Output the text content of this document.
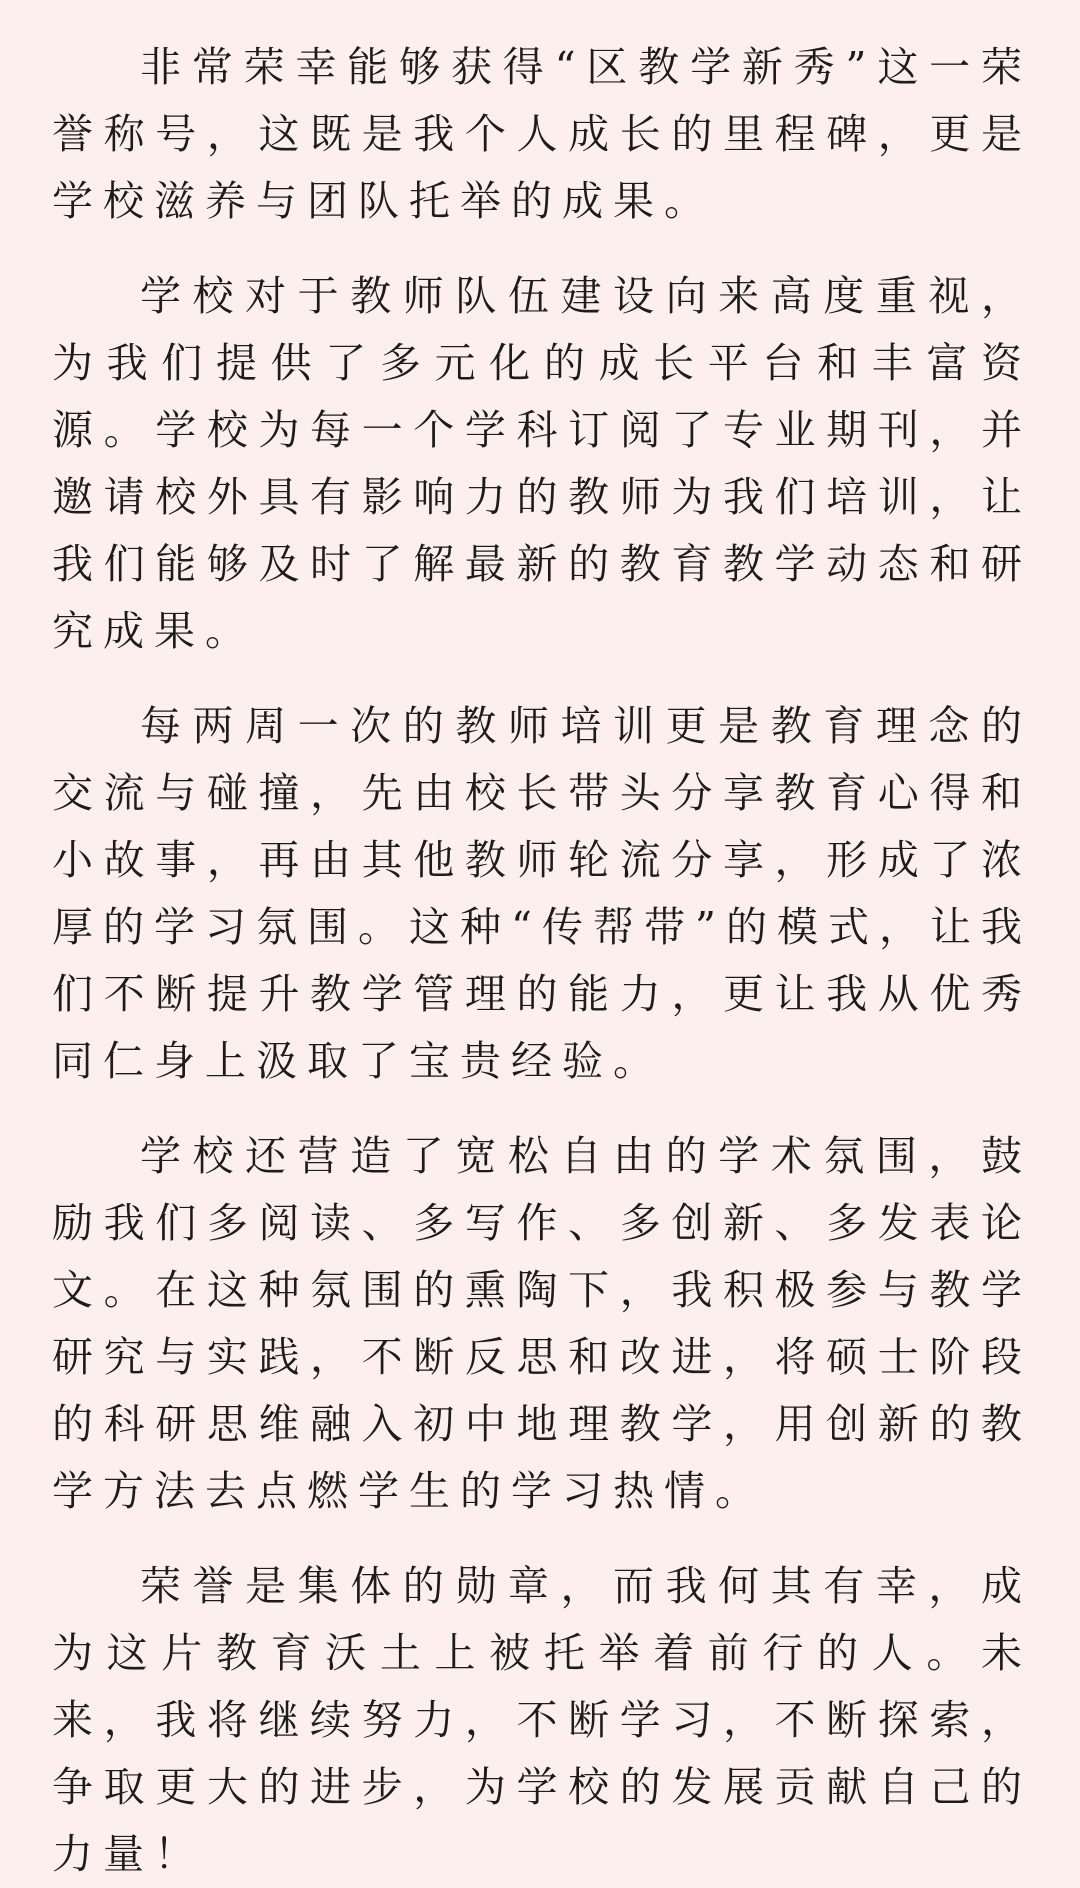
非常荣幸能够获得“区教学新秀”这一荣誉称号，这既是我个人成长的里程碑，更是学校滋养与团队托举的成果。

学校对于教师队伍建设向来高度重视，为我们提供了多元化的成长平台和丰富资源。学校为每一个学科订阅了专业期刊，并邀请校外具有影响力的教师为我们培训，让我们能够及时了解最新的教育教学动态和研究成果。

每两周一次的教师培训更是教育理念的交流与碰撞，先由校长带头分享教育心得和小故事，再由其他教师轮流分享，形成了浓厚的学习氛围。这种“传帮带”的模式，让我们不断提升教学管理的能力，更让我从优秀同仁身上汲取了宝贵经验。

学校还营造了宽松自由的学术氛围，鼓励我们多阅读、多写作、多创新、多发表论文。在这种氛围的熏陶下，我积极参与教学研究与实践，不断反思和改进，将硕士阶段的科研思维融入初中地理教学，用创新的教学方法去点燃学生的学习热情。

荣誉是集体的勋章，而我何其有幸，成为这片教育沃土上被托举着前行的人。未来，我将继续努力，不断学习，不断探索，争取更大的进步，为学校的发展贡献自己的力量！
